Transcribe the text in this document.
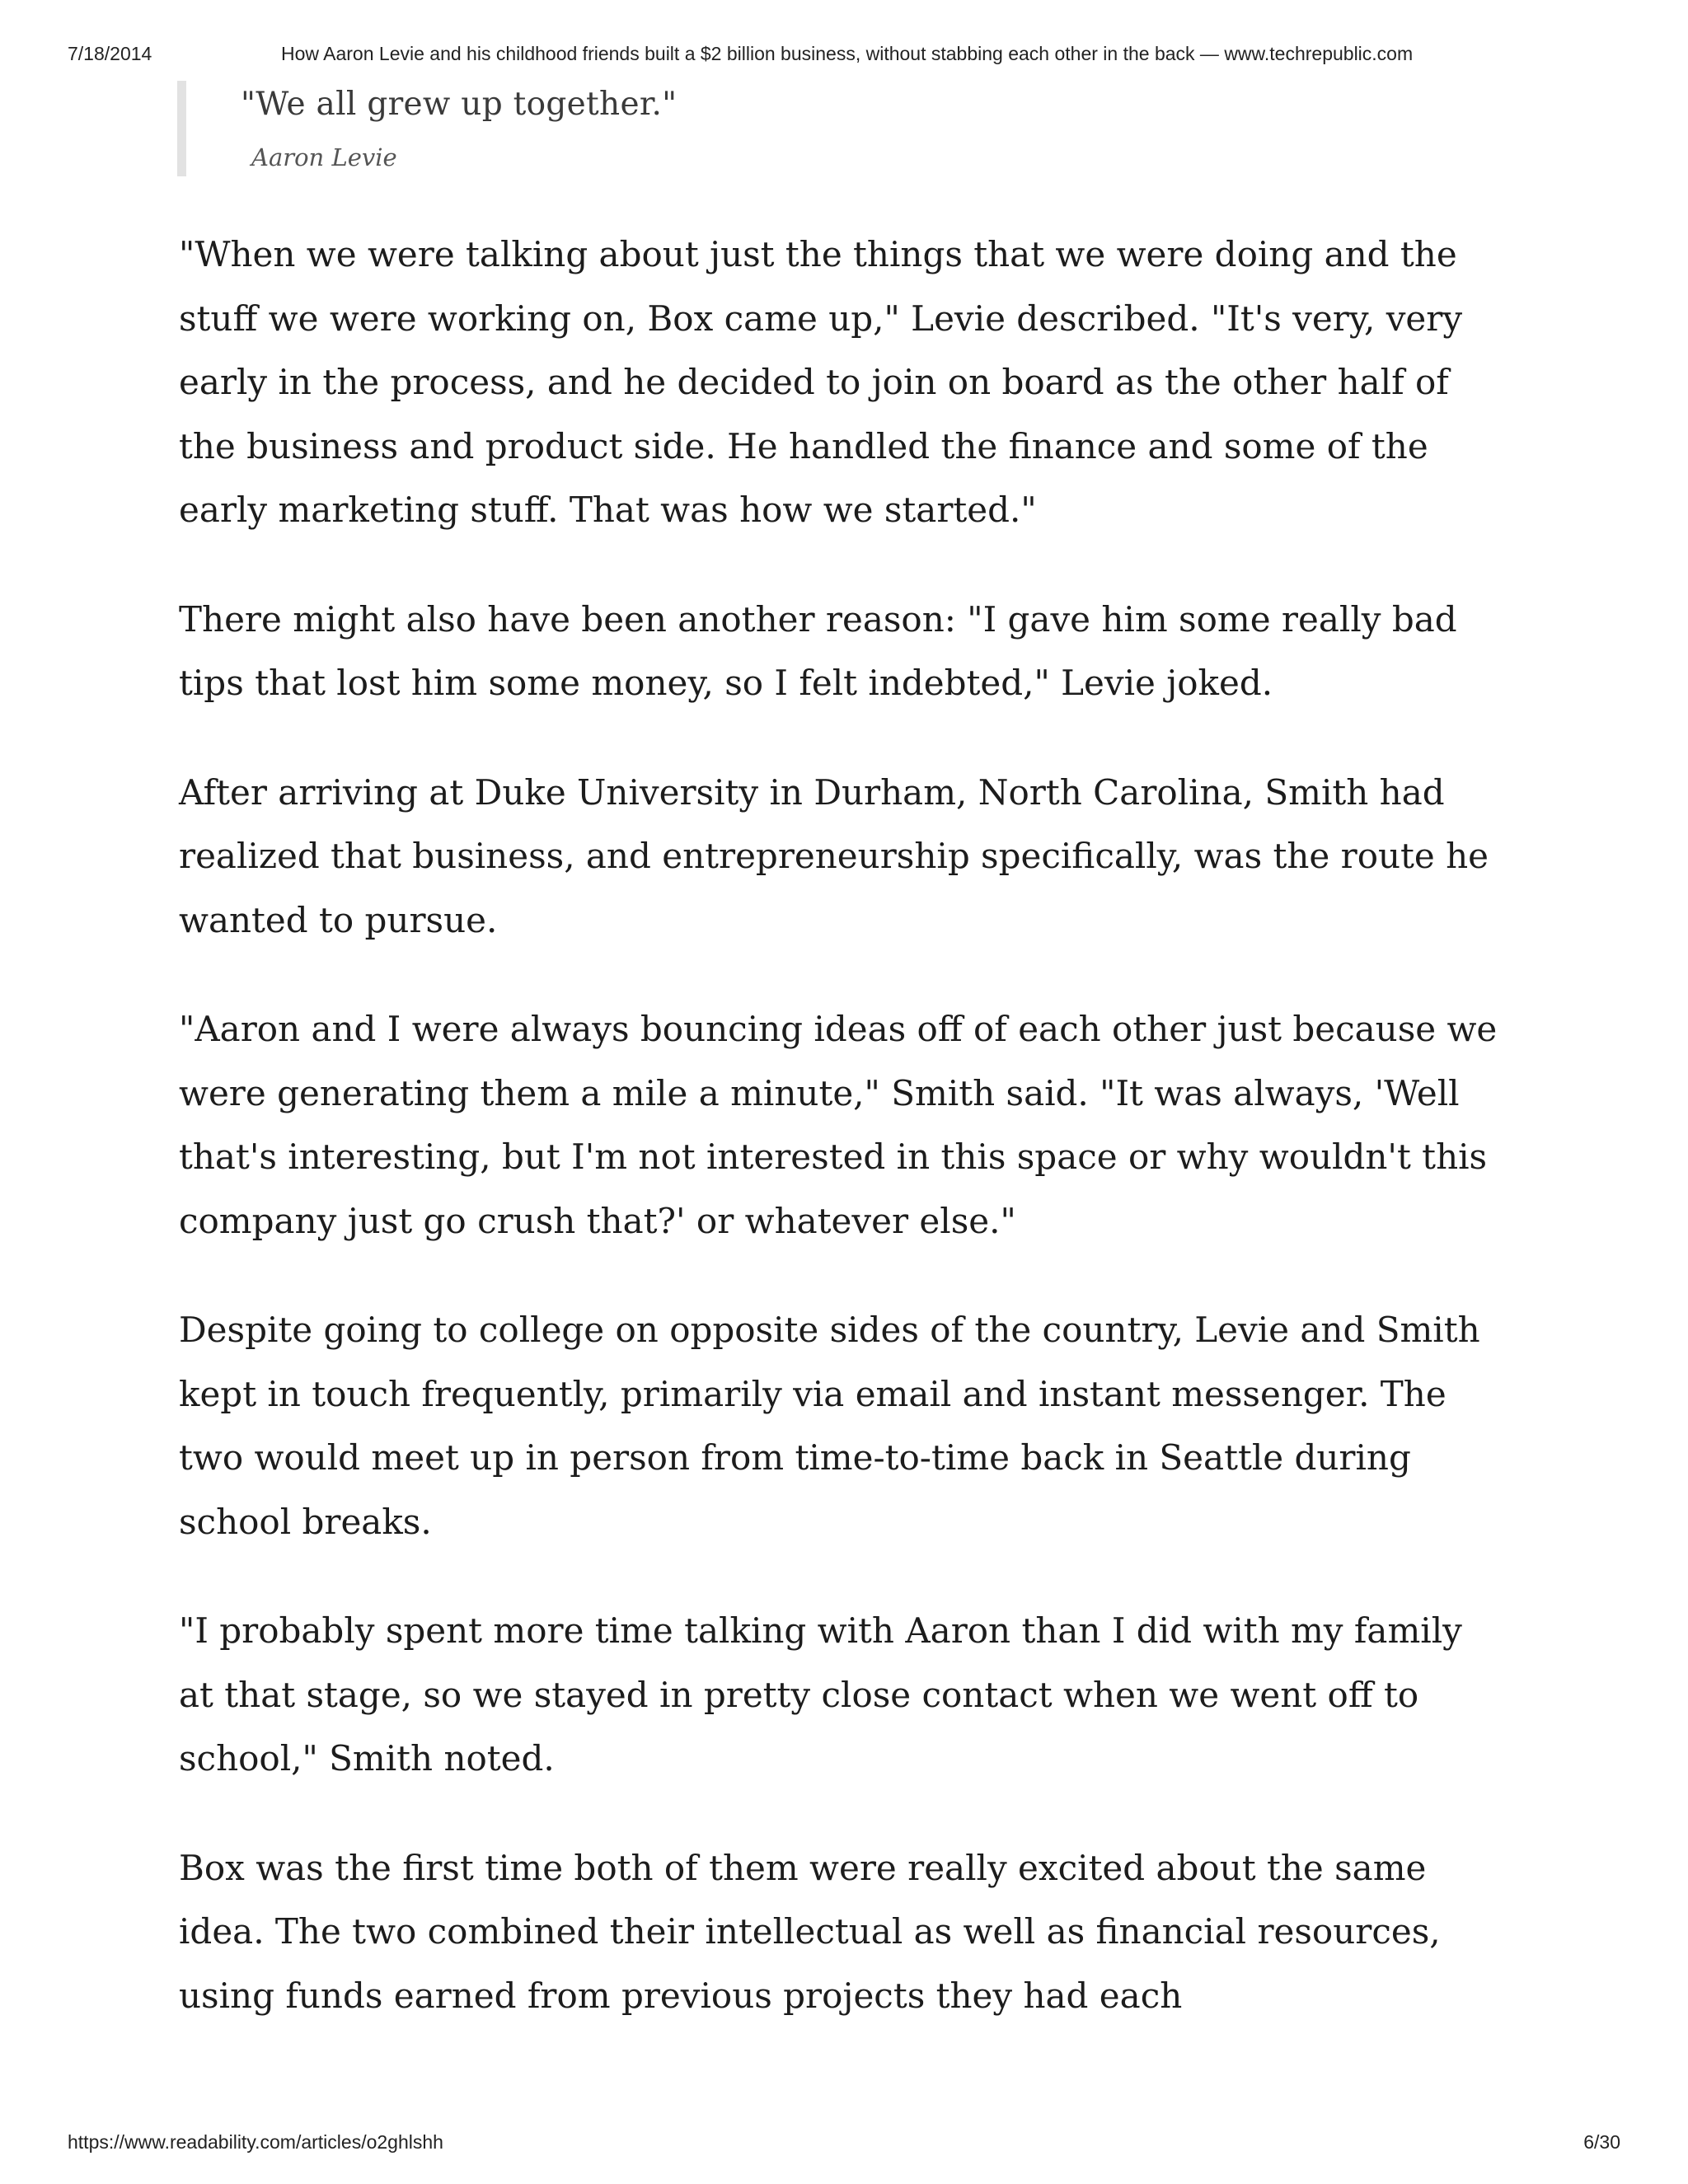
7/18/2014	How Aaron Levie and his childhood friends built a $2 billion business, without stabbing each other in the back — www.techrepublic.com
"We all grew up together."
Aaron Levie

"When we were talking about just the things that we were doing and the stuff we were working on, Box came up," Levie described. "It's very, very early in the process, and he decided to join on board as the other half of the business and product side. He handled the finance and some of the early marketing stuff. That was how we started."

There might also have been another reason: "I gave him some really bad tips that lost him some money, so I felt indebted," Levie joked.

After arriving at Duke University in Durham, North Carolina, Smith had realized that business, and entrepreneurship specifically, was the route he wanted to pursue.

"Aaron and I were always bouncing ideas off of each other just because we were generating them a mile a minute," Smith said. "It was always, 'Well that's interesting, but I'm not interested in this space or why wouldn't this company just go crush that?' or whatever else."

Despite going to college on opposite sides of the country, Levie and Smith kept in touch frequently, primarily via email and instant messenger. The two would meet up in person from time-to-time back in Seattle during school breaks.

"I probably spent more time talking with Aaron than I did with my family at that stage, so we stayed in pretty close contact when we went off to school," Smith noted.

Box was the first time both of them were really excited about the same idea. The two combined their intellectual as well as financial resources, using funds earned from previous projects they had each

https://www.readability.com/articles/o2ghlshh	6/30
